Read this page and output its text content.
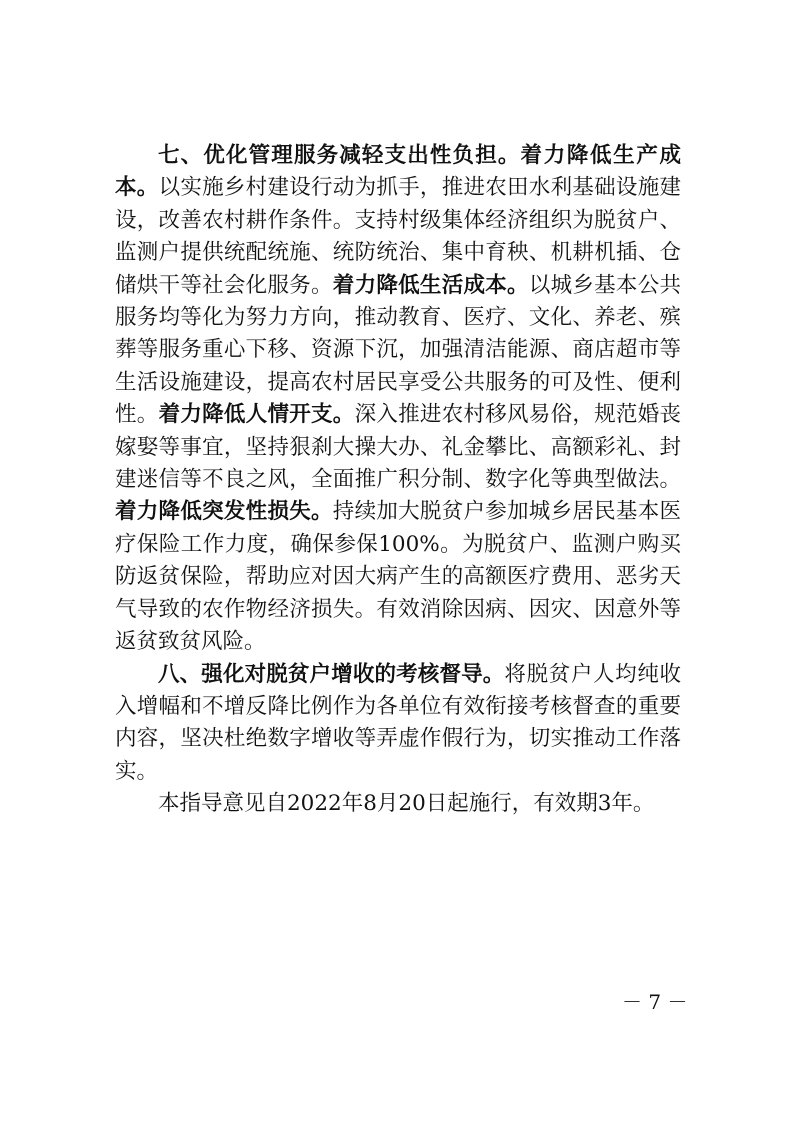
七、优化管理服务减轻支出性负担。着力降低生产成本。以实施乡村建设行动为抓手，推进农田水利基础设施建设，改善农村耕作条件。支持村级集体经济组织为脱贫户、监测户提供统配统施、统防统治、集中育秧、机耕机插、仓储烘干等社会化服务。着力降低生活成本。以城乡基本公共服务均等化为努力方向，推动教育、医疗、文化、养老、殡葬等服务重心下移、资源下沉，加强清洁能源、商店超市等生活设施建设，提高农村居民享受公共服务的可及性、便利性。着力降低人情开支。深入推进农村移风易俗，规范婚丧嫁娶等事宜，坚持狠刹大操大办、礼金攀比、高额彩礼、封建迷信等不良之风，全面推广积分制、数字化等典型做法。着力降低突发性损失。持续加大脱贫户参加城乡居民基本医疗保险工作力度，确保参保100%。为脱贫户、监测户购买防返贫保险，帮助应对因大病产生的高额医疗费用、恶劣天气导致的农作物经济损失。有效消除因病、因灾、因意外等返贫致贫风险。

八、强化对脱贫户增收的考核督导。将脱贫户人均纯收入增幅和不增反降比例作为各单位有效衔接考核督查的重要内容，坚决杜绝数字增收等弄虚作假行为，切实推动工作落实。

本指导意见自2022年8月20日起施行，有效期3年。

－ 7 －
